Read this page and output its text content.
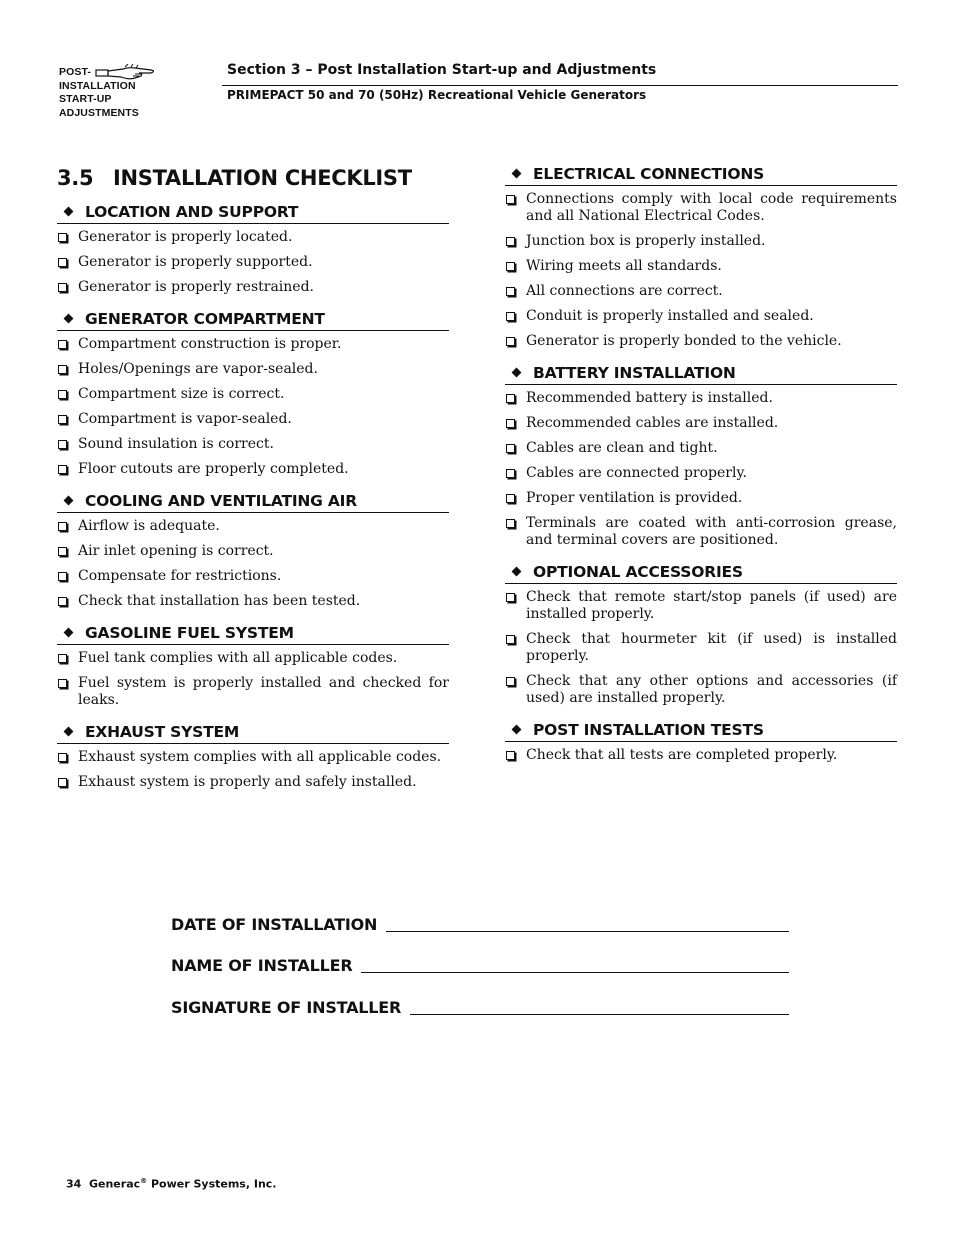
POST-
INSTALLATION
START-UP
ADJUSTMENTS
Section 3 – Post Installation Start-up and Adjustments
PRIMEPACT 50 and 70 (50Hz) Recreational Vehicle Generators
3.5 INSTALLATION CHECKLIST
LOCATION AND SUPPORT
Generator is properly located.
Generator is properly supported.
Generator is properly restrained.
GENERATOR COMPARTMENT
Compartment construction is proper.
Holes/Openings are vapor-sealed.
Compartment size is correct.
Compartment is vapor-sealed.
Sound insulation is correct.
Floor cutouts are properly completed.
COOLING AND VENTILATING AIR
Airflow is adequate.
Air inlet opening is correct.
Compensate for restrictions.
Check that installation has been tested.
GASOLINE FUEL SYSTEM
Fuel tank complies with all applicable codes.
Fuel system is properly installed and checked for leaks.
EXHAUST SYSTEM
Exhaust system complies with all applicable codes.
Exhaust system is properly and safely installed.
ELECTRICAL CONNECTIONS
Connections comply with local code requirements and all National Electrical Codes.
Junction box is properly installed.
Wiring meets all standards.
All connections are correct.
Conduit is properly installed and sealed.
Generator is properly bonded to the vehicle.
BATTERY INSTALLATION
Recommended battery is installed.
Recommended cables are installed.
Cables are clean and tight.
Cables are connected properly.
Proper ventilation is provided.
Terminals are coated with anti-corrosion grease, and terminal covers are positioned.
OPTIONAL ACCESSORIES
Check that remote start/stop panels (if used) are installed properly.
Check that hourmeter kit (if used) is installed properly.
Check that any other options and accessories (if used) are installed properly.
POST INSTALLATION TESTS
Check that all tests are completed properly.
DATE OF INSTALLATION
NAME OF INSTALLER
SIGNATURE OF INSTALLER
34 Generac® Power Systems, Inc.
